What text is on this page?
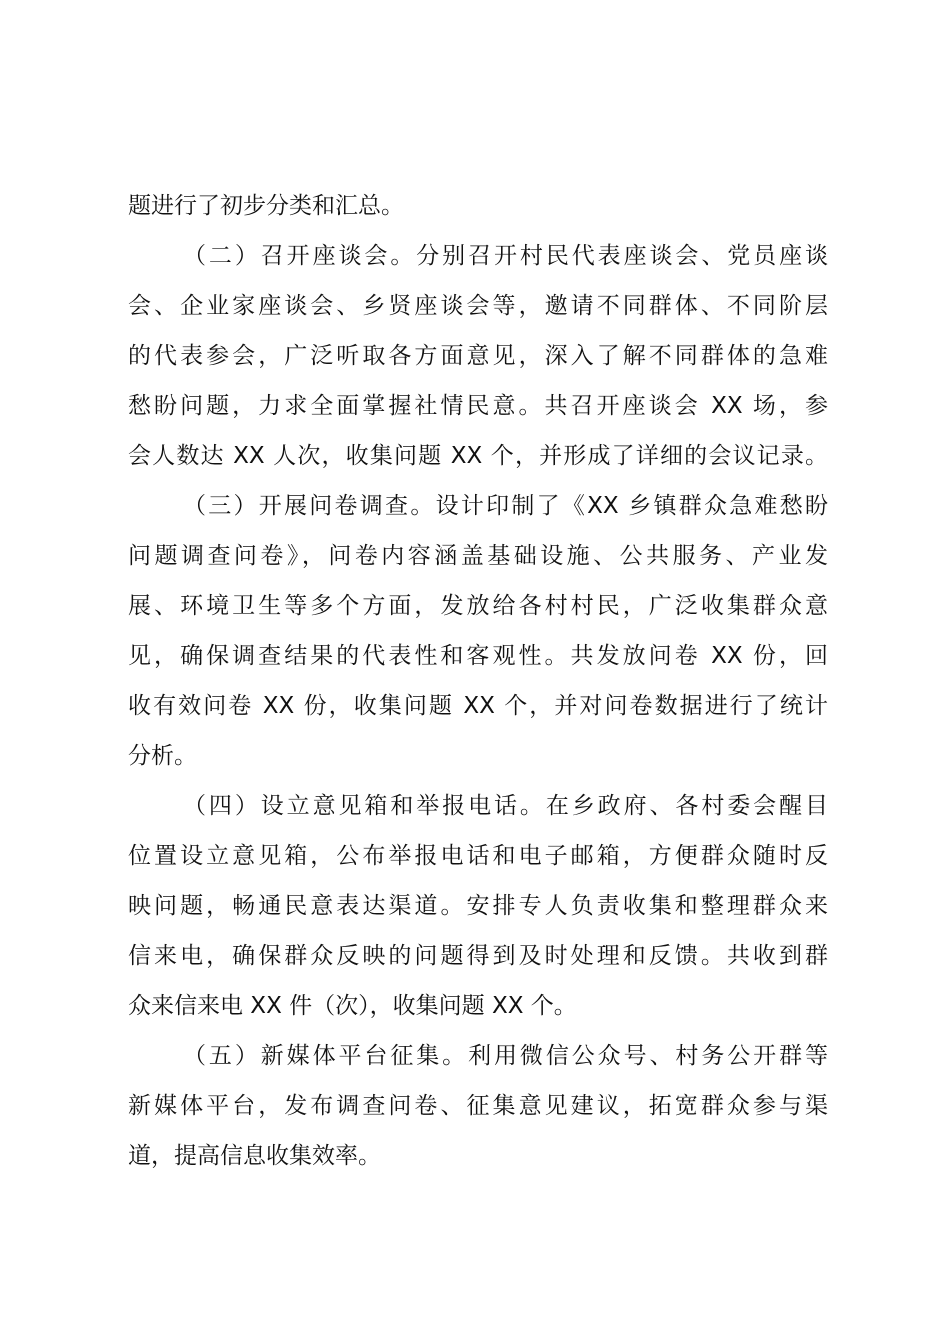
题进行了初步分类和汇总。

（二）召开座谈会。分别召开村民代表座谈会、党员座谈

会、企业家座谈会、乡贤座谈会等，邀请不同群体、不同阶层

的代表参会，广泛听取各方面意见，深入了解不同群体的急难

愁盼问题，力求全面掌握社情民意。共召开座谈会 XX 场，参

会人数达 XX 人次，收集问题 XX 个，并形成了详细的会议记录。

（三）开展问卷调查。设计印制了《XX 乡镇群众急难愁盼

问题调查问卷》，问卷内容涵盖基础设施、公共服务、产业发

展、环境卫生等多个方面，发放给各村村民，广泛收集群众意

见，确保调查结果的代表性和客观性。共发放问卷 XX 份，回

收有效问卷 XX 份，收集问题 XX 个，并对问卷数据进行了统计

分析。

（四）设立意见箱和举报电话。在乡政府、各村委会醒目

位置设立意见箱，公布举报电话和电子邮箱，方便群众随时反

映问题，畅通民意表达渠道。安排专人负责收集和整理群众来

信来电，确保群众反映的问题得到及时处理和反馈。共收到群

众来信来电 XX 件（次），收集问题 XX 个。

（五）新媒体平台征集。利用微信公众号、村务公开群等

新媒体平台，发布调查问卷、征集意见建议，拓宽群众参与渠

道，提高信息收集效率。
